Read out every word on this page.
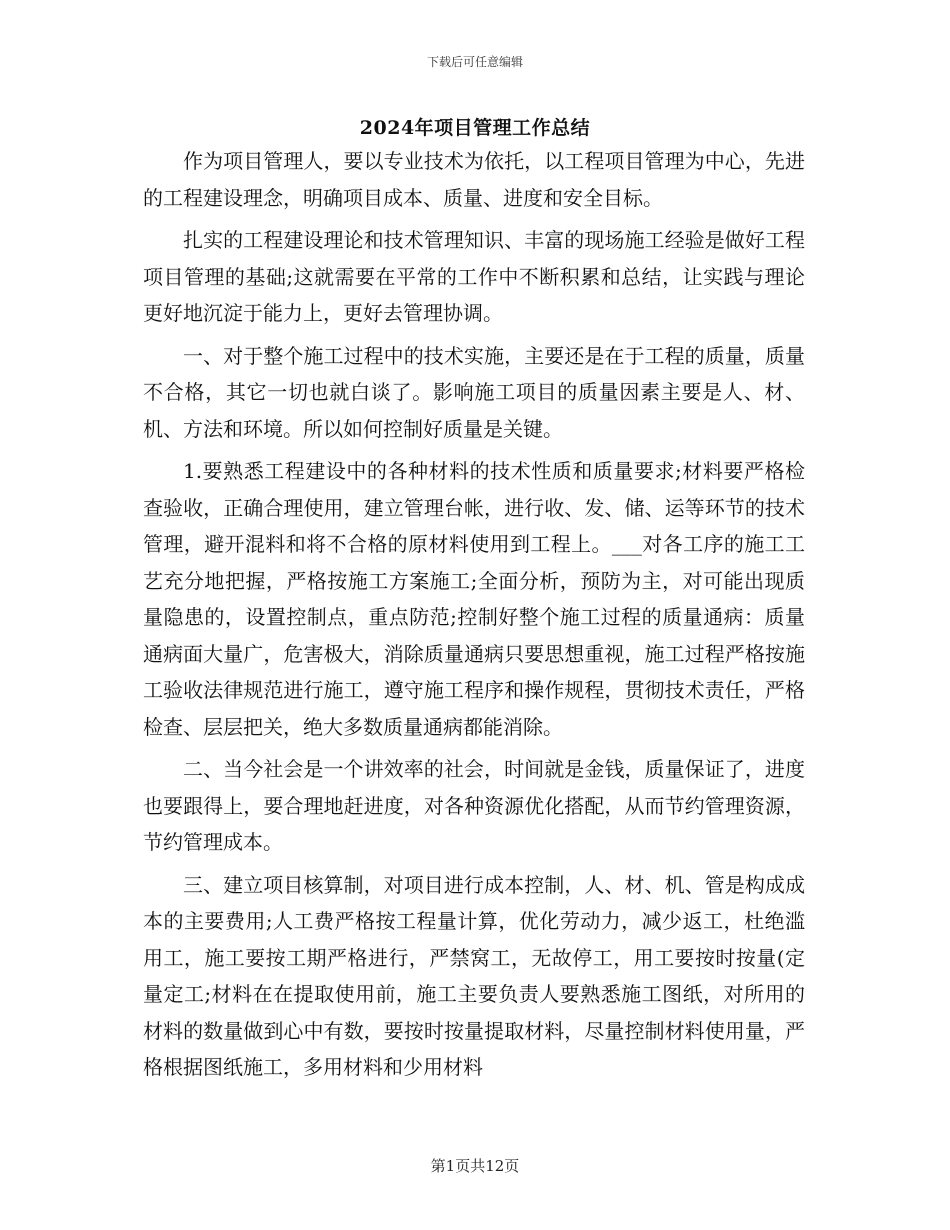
下载后可任意编辑
2024年项目管理工作总结

作为项目管理人，要以专业技术为依托，以工程项目管理为中心，先进的工程建设理念，明确项目成本、质量、进度和安全目标。

扎实的工程建设理论和技术管理知识、丰富的现场施工经验是做好工程项目管理的基础;这就需要在平常的工作中不断积累和总结，让实践与理论更好地沉淀于能力上，更好去管理协调。

一、对于整个施工过程中的技术实施，主要还是在于工程的质量，质量不合格，其它一切也就白谈了。影响施工项目的质量因素主要是人、材、机、方法和环境。所以如何控制好质量是关键。

1.要熟悉工程建设中的各种材料的技术性质和质量要求;材料要严格检查验收，正确合理使用，建立管理台帐，进行收、发、储、运等环节的技术管理，避开混料和将不合格的原材料使用到工程上。___对各工序的施工工艺充分地把握，严格按施工方案施工;全面分析，预防为主，对可能出现质量隐患的，设置控制点，重点防范;控制好整个施工过程的质量通病：质量通病面大量广，危害极大，消除质量通病只要思想重视，施工过程严格按施工验收法律规范进行施工，遵守施工程序和操作规程，贯彻技术责任，严格检查、层层把关，绝大多数质量通病都能消除。

二、当今社会是一个讲效率的社会，时间就是金钱，质量保证了，进度也要跟得上，要合理地赶进度，对各种资源优化搭配，从而节约管理资源，节约管理成本。

三、建立项目核算制，对项目进行成本控制，人、材、机、管是构成成本的主要费用;人工费严格按工程量计算，优化劳动力，减少返工，杜绝滥用工，施工要按工期严格进行，严禁窝工，无故停工，用工要按时按量(定量定工;材料在在提取使用前，施工主要负责人要熟悉施工图纸，对所用的材料的数量做到心中有数，要按时按量提取材料，尽量控制材料使用量，严格根据图纸施工，多用材料和少用材料

第1页共12页
